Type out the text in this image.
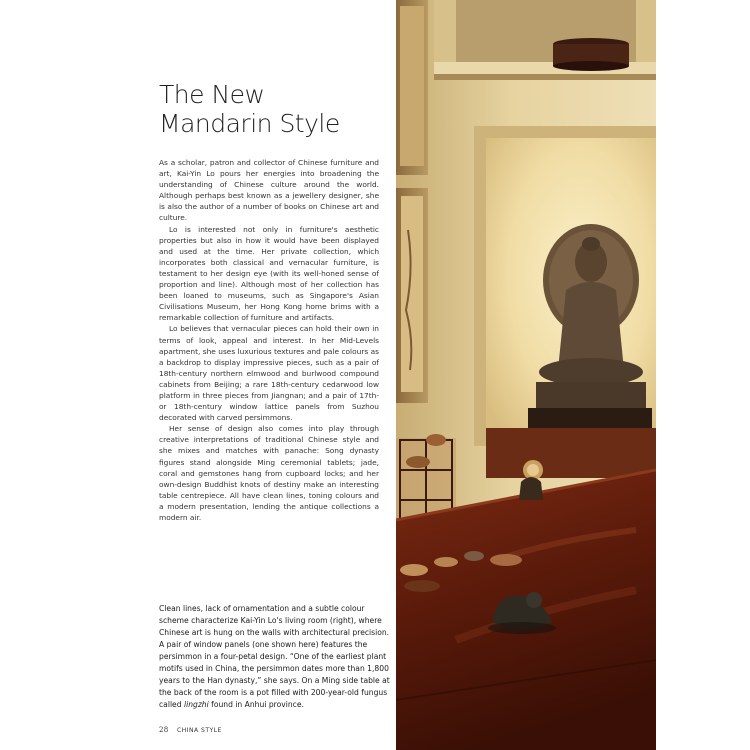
The New
Mandarin Style

As a scholar, patron and collector of Chinese furniture and art, Kai-Yin Lo pours her energies into broadening the understanding of Chinese culture around the world. Although perhaps best known as a jewellery designer, she is also the author of a number of books on Chinese art and culture.

Lo is interested not only in furniture's aesthetic properties but also in how it would have been displayed and used at the time. Her private collection, which incorporates both classical and vernacular furniture, is testament to her design eye (with its well-honed sense of proportion and line). Although most of her collection has been loaned to museums, such as Singapore's Asian Civilisations Museum, her Hong Kong home brims with a remarkable collection of furniture and artifacts.

Lo believes that vernacular pieces can hold their own in terms of look, appeal and interest. In her Mid-Levels apartment, she uses luxurious textures and pale colours as a backdrop to display impressive pieces, such as a pair of 18th-century northern elmwood and burlwood compound cabinets from Beijing; a rare 18th-century cedarwood low platform in three pieces from Jiangnan; and a pair of 17th- or 18th-century window lattice panels from Suzhou decorated with carved persimmons.

Her sense of design also comes into play through creative interpretations of traditional Chinese style and she mixes and matches with panache: Song dynasty figures stand alongside Ming ceremonial tablets; jade, coral and gemstones hang from cupboard locks; and her own-design Buddhist knots of destiny make an interesting table centrepiece. All have clean lines, toning colours and a modern presentation, lending the antique collections a modern air.

Clean lines, lack of ornamentation and a subtle colour scheme characterize Kai-Yin Lo's living room (right), where Chinese art is hung on the walls with architectural precision. A pair of window panels (one shown here) features the persimmon in a four-petal design. “One of the earliest plant motifs used in China, the persimmon dates more than 1,800 years to the Han dynasty,” she says. On a Ming side table at the back of the room is a pot filled with 200-year-old fungus called lingzhi found in Anhui province.
28 CHINA STYLE
